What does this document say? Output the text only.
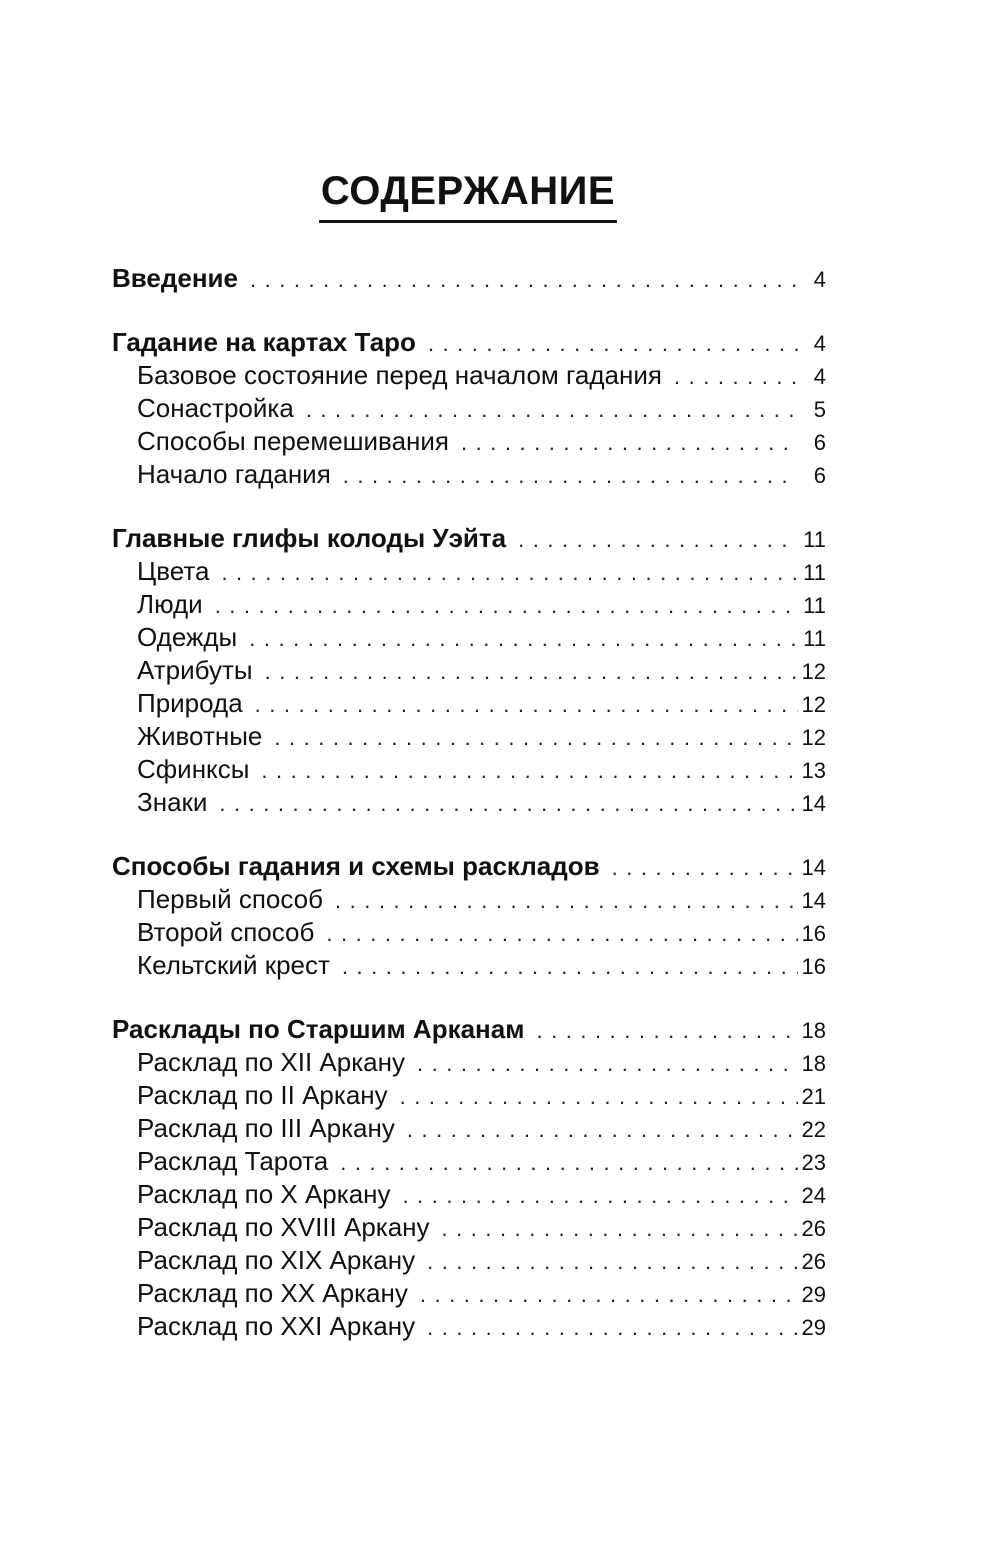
СОДЕРЖАНИЕ
Введение . . .	4
Гадание на картах Таро . . .	4
Базовое состояние перед началом гадания . . .	4
Сонастройка . . .	5
Способы перемешивания . . .	6
Начало гадания . . .	6
Главные глифы колоды Уэйта . . .	11
Цвета . . .	11
Люди . . .	11
Одежды . . .	11
Атрибуты . . .	12
Природа . . .	12
Животные . . .	12
Сфинксы . . .	13
Знаки . . .	14
Способы гадания и схемы раскладов . . .	14
Первый способ . . .	14
Второй способ . . .	16
Кельтский крест . . .	16
Расклады по Старшим Арканам . . .	18
Расклад по XII Аркану . . .	18
Расклад по II Аркану . . .	21
Расклад по III Аркану . . .	22
Расклад Тарота . . .	23
Расклад по X Аркану . . .	24
Расклад по XVIII Аркану . . .	26
Расклад по XIX Аркану . . .	26
Расклад по XX Аркану . . .	29
Расклад по XXI Аркану . . .	29
